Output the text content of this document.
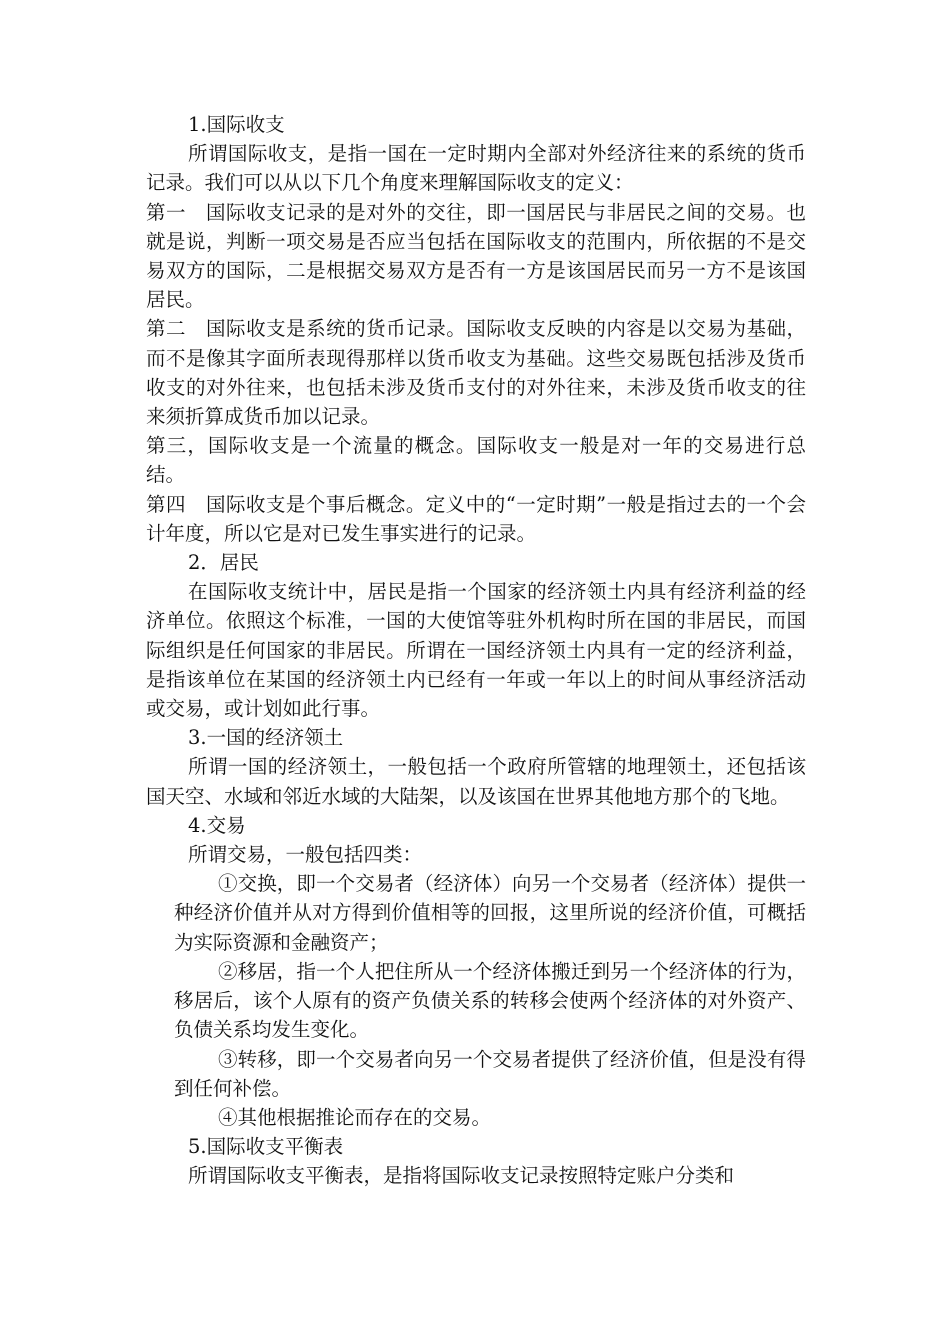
1.国际收支

所谓国际收支，是指一国在一定时期内全部对外经济往来的系统的货币记录。我们可以从以下几个角度来理解国际收支的定义：

第一　国际收支记录的是对外的交往，即一国居民与非居民之间的交易。也就是说，判断一项交易是否应当包括在国际收支的范围内，所依据的不是交易双方的国际，二是根据交易双方是否有一方是该国居民而另一方不是该国居民。

第二　国际收支是系统的货币记录。国际收支反映的内容是以交易为基础，而不是像其字面所表现得那样以货币收支为基础。这些交易既包括涉及货币收支的对外往来，也包括未涉及货币支付的对外往来，未涉及货币收支的往来须折算成货币加以记录。

第三，国际收支是一个流量的概念。国际收支一般是对一年的交易进行总结。

第四　国际收支是个事后概念。定义中的“一定时期”一般是指过去的一个会计年度，所以它是对已发生事实进行的记录。

2．居民

在国际收支统计中，居民是指一个国家的经济领土内具有经济利益的经济单位。依照这个标准，一国的大使馆等驻外机构时所在国的非居民，而国际组织是任何国家的非居民。所谓在一国经济领土内具有一定的经济利益，是指该单位在某国的经济领土内已经有一年或一年以上的时间从事经济活动或交易，或计划如此行事。

3.一国的经济领土

所谓一国的经济领土，一般包括一个政府所管辖的地理领土，还包括该国天空、水域和邻近水域的大陆架，以及该国在世界其他地方那个的飞地。

4.交易

所谓交易，一般包括四类：

①交换，即一个交易者（经济体）向另一个交易者（经济体）提供一种经济价值并从对方得到价值相等的回报，这里所说的经济价值，可概括为实际资源和金融资产；

②移居，指一个人把住所从一个经济体搬迁到另一个经济体的行为，移居后，该个人原有的资产负债关系的转移会使两个经济体的对外资产、负债关系均发生变化。

③转移，即一个交易者向另一个交易者提供了经济价值，但是没有得到任何补偿。

④其他根据推论而存在的交易。

5.国际收支平衡表

所谓国际收支平衡表，是指将国际收支记录按照特定账户分类和
